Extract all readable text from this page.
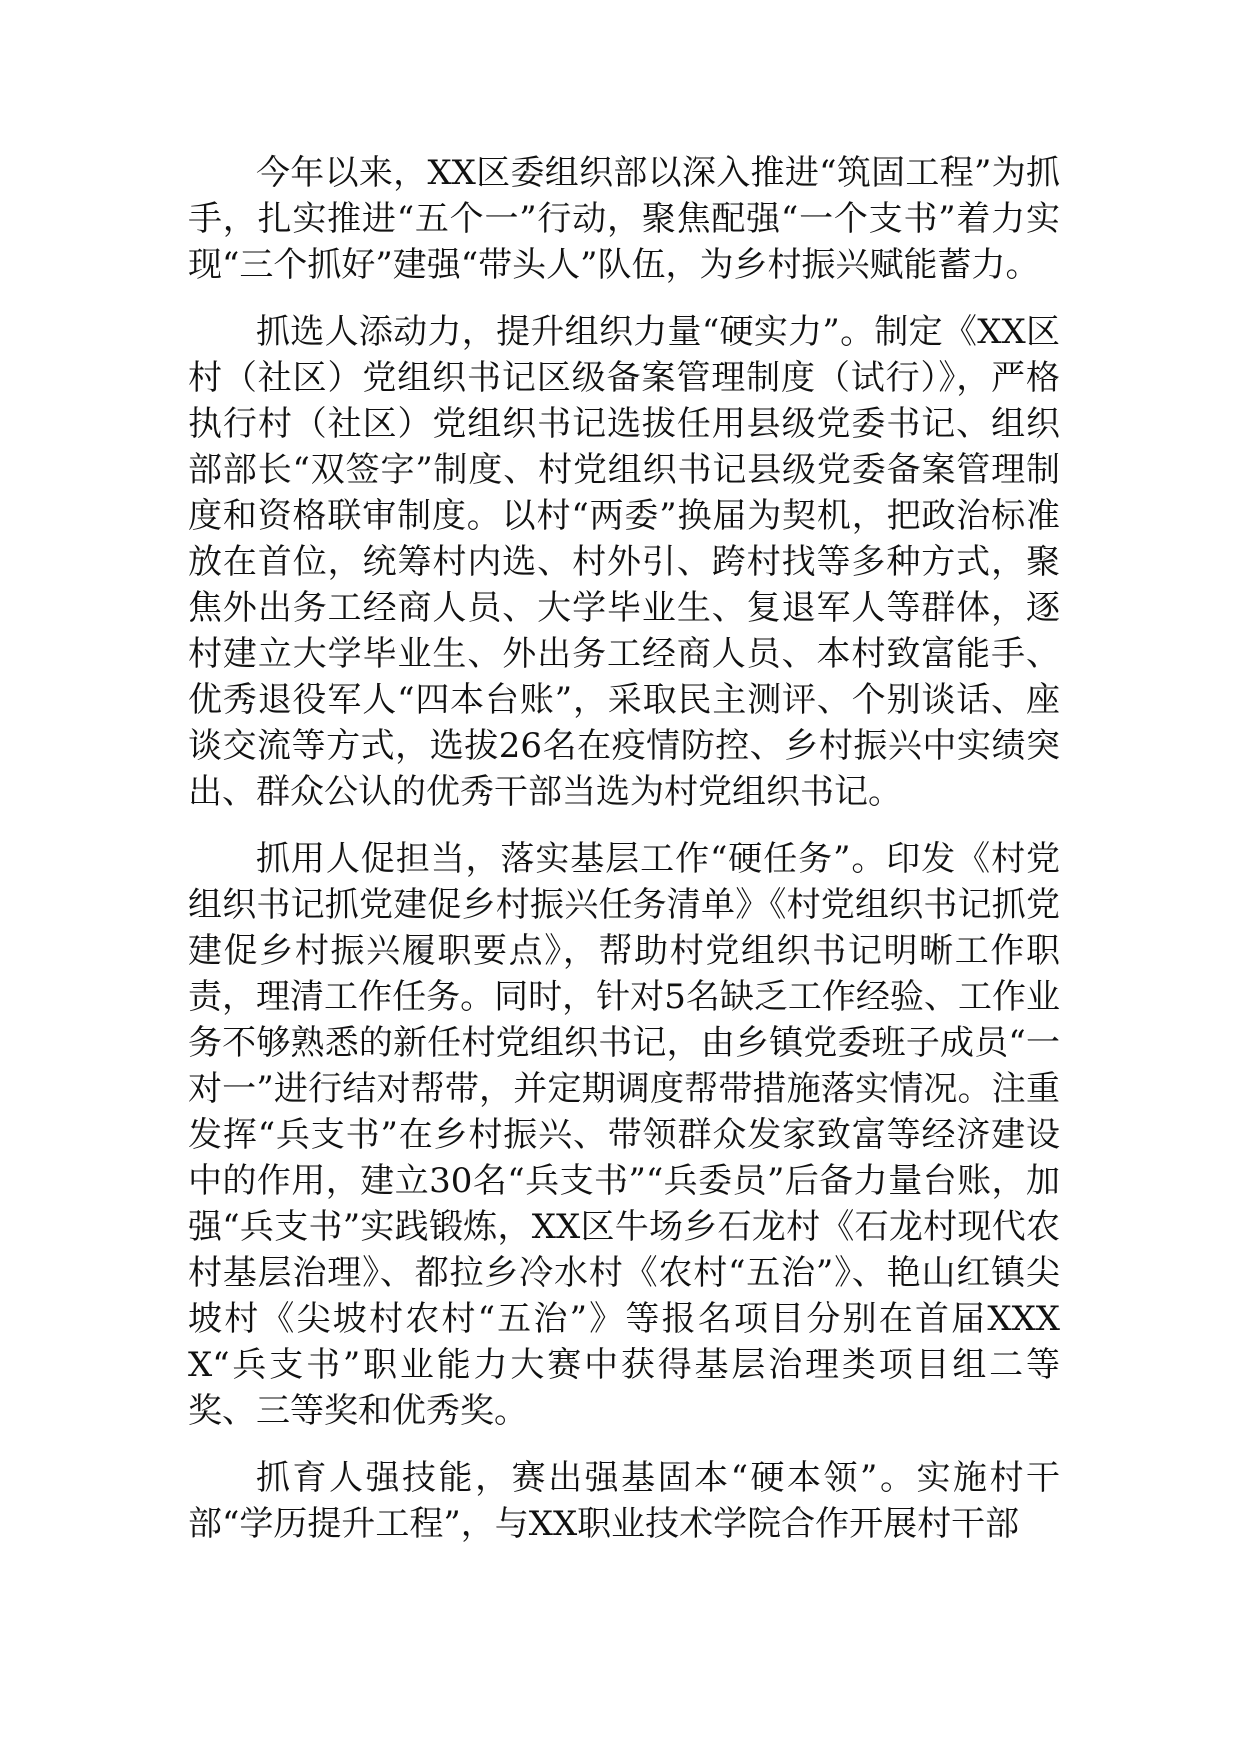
今年以来，XX区委组织部以深入推进“筑固工程”为抓手，扎实推进“五个一”行动，聚焦配强“一个支书”着力实现“三个抓好”建强“带头人”队伍，为乡村振兴赋能蓄力。

抓选人添动力，提升组织力量“硬实力”。制定《XX区村（社区）党组织书记区级备案管理制度（试行）》，严格执行村（社区）党组织书记选拔任用县级党委书记、组织部部长“双签字”制度、村党组织书记县级党委备案管理制度和资格联审制度。以村“两委”换届为契机，把政治标准放在首位，统筹村内选、村外引、跨村找等多种方式，聚焦外出务工经商人员、大学毕业生、复退军人等群体，逐村建立大学毕业生、外出务工经商人员、本村致富能手、优秀退役军人“四本台账”，采取民主测评、个别谈话、座谈交流等方式，选拔26名在疫情防控、乡村振兴中实绩突出、群众公认的优秀干部当选为村党组织书记。

抓用人促担当，落实基层工作“硬任务”。印发《村党组织书记抓党建促乡村振兴任务清单》《村党组织书记抓党建促乡村振兴履职要点》，帮助村党组织书记明晰工作职责，理清工作任务。同时，针对5名缺乏工作经验、工作业务不够熟悉的新任村党组织书记，由乡镇党委班子成员“一对一”进行结对帮带，并定期调度帮带措施落实情况。注重发挥“兵支书”在乡村振兴、带领群众发家致富等经济建设中的作用，建立30名“兵支书”“兵委员”后备力量台账，加强“兵支书”实践锻炼，XX区牛场乡石龙村《石龙村现代农村基层治理》、都拉乡冷水村《农村“五治”》、艳山红镇尖坡村《尖坡村农村“五治”》等报名项目分别在首届XXXX“兵支书”职业能力大赛中获得基层治理类项目组二等奖、三等奖和优秀奖。

抓育人强技能，赛出强基固本“硬本领”。实施村干部“学历提升工程”，与XX职业技术学院合作开展村干部
